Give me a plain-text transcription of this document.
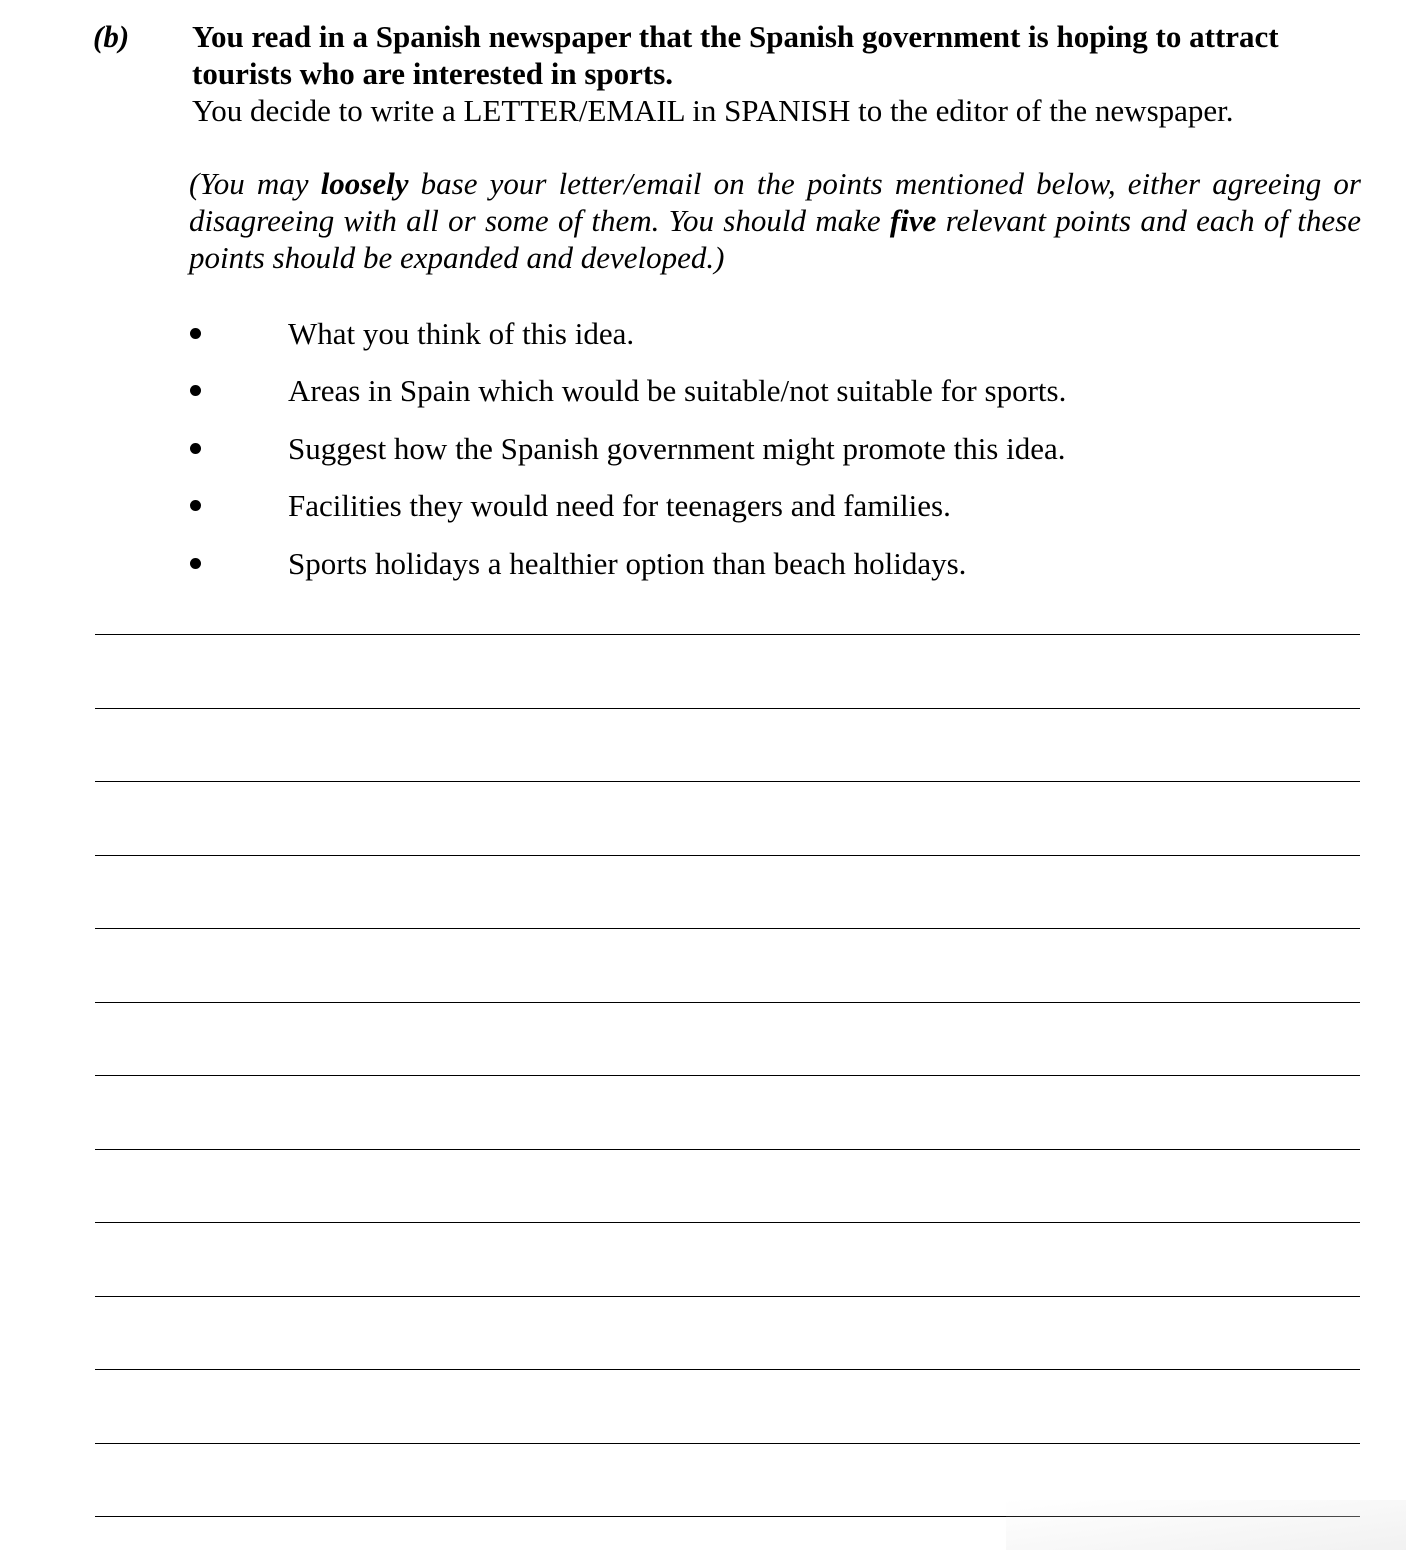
(b) You read in a Spanish newspaper that the Spanish government is hoping to attract
tourists who are interested in sports.
You decide to write a LETTER/EMAIL in SPANISH to the editor of the newspaper.

(You may loosely base your letter/email on the points mentioned below, either agreeing or disagreeing with all or some of them. You should make five relevant points and each of these points should be expanded and developed.)

What you think of this idea.
Areas in Spain which would be suitable/not suitable for sports.
Suggest how the Spanish government might promote this idea.
Facilities they would need for teenagers and families.
Sports holidays a healthier option than beach holidays.
